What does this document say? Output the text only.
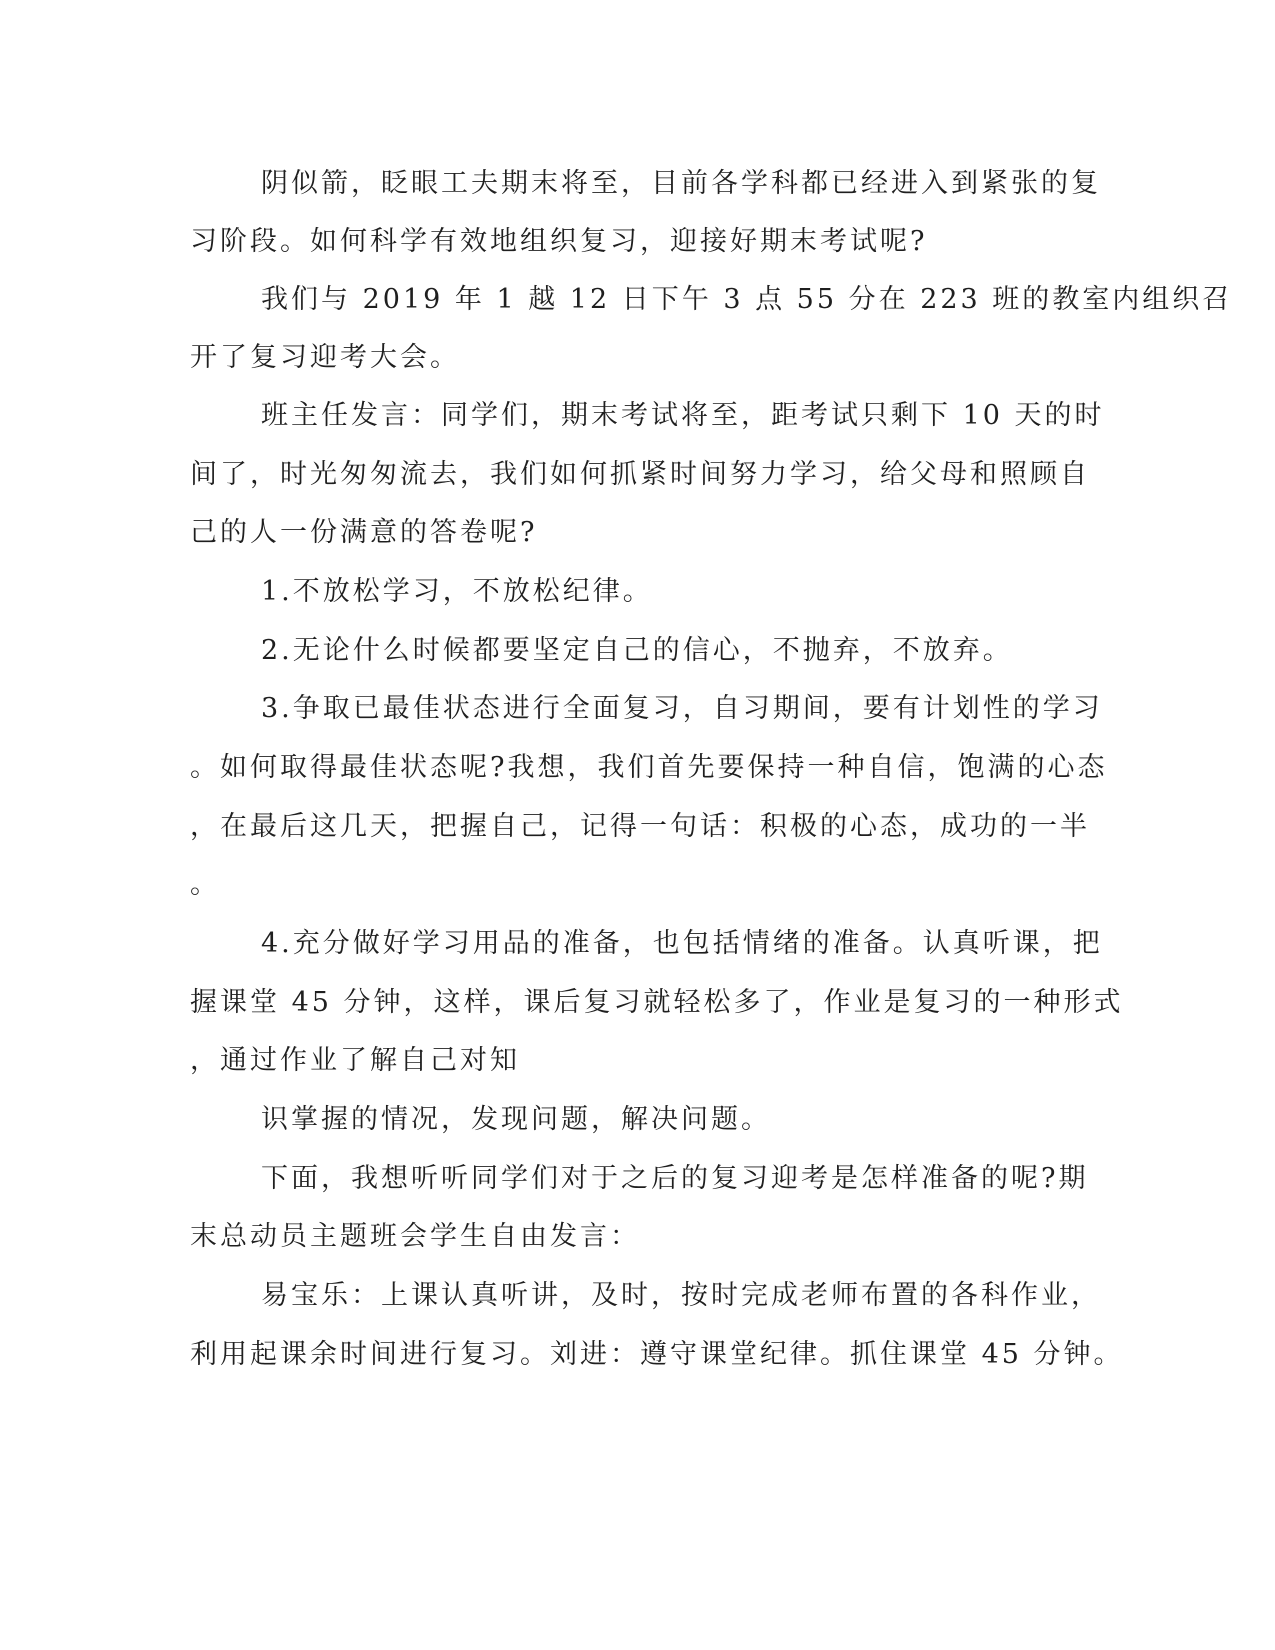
阴似箭，眨眼工夫期末将至，目前各学科都已经进入到紧张的复

习阶段。如何科学有效地组织复习，迎接好期末考试呢?

我们与 2019 年 1 越 12 日下午 3 点 55 分在 223 班的教室内组织召

开了复习迎考大会。

班主任发言：同学们，期末考试将至，距考试只剩下 10 天的时

间了，时光匆匆流去，我们如何抓紧时间努力学习，给父母和照顾自

己的人一份满意的答卷呢?

1.不放松学习，不放松纪律。

2.无论什么时候都要坚定自己的信心，不抛弃，不放弃。

3.争取已最佳状态进行全面复习，自习期间，要有计划性的学习

。如何取得最佳状态呢?我想，我们首先要保持一种自信，饱满的心态

，在最后这几天，把握自己，记得一句话：积极的心态，成功的一半

。

4.充分做好学习用品的准备，也包括情绪的准备。认真听课，把

握课堂 45 分钟，这样，课后复习就轻松多了，作业是复习的一种形式

，通过作业了解自己对知

识掌握的情况，发现问题，解决问题。

下面，我想听听同学们对于之后的复习迎考是怎样准备的呢?期

末总动员主题班会学生自由发言：

易宝乐：上课认真听讲，及时，按时完成老师布置的各科作业，

利用起课余时间进行复习。刘进：遵守课堂纪律。抓住课堂 45 分钟。
